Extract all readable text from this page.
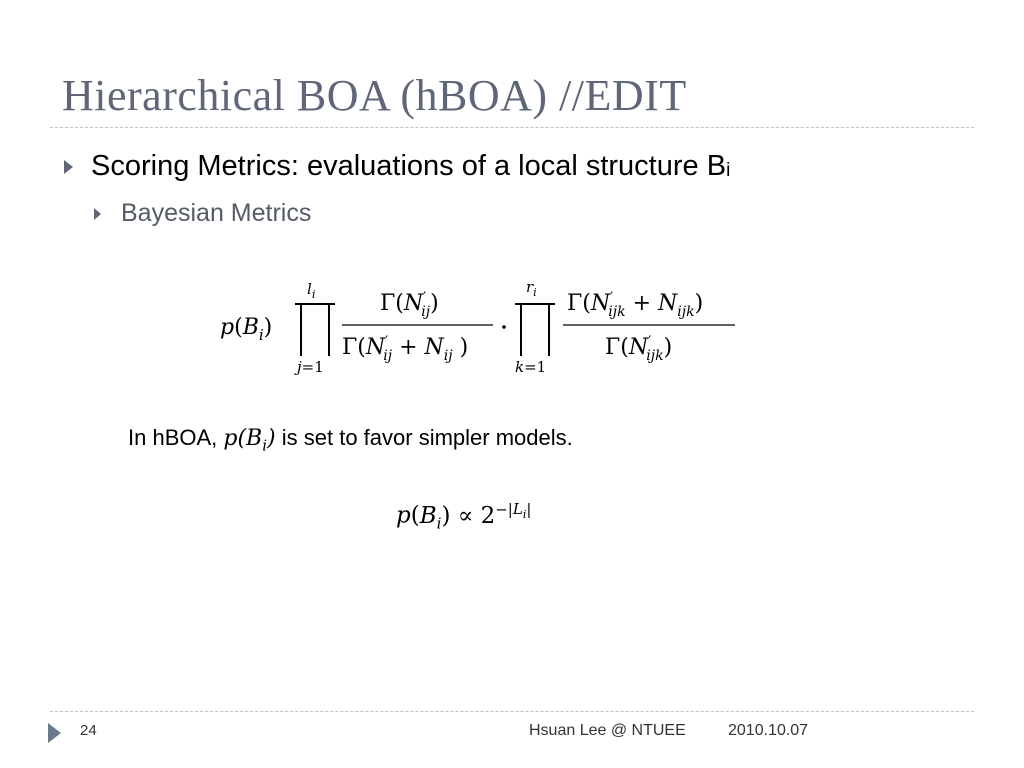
Hierarchical BOA (hBOA) //EDIT
Scoring Metrics: evaluations of a local structure B i
Bayesian Metrics
$p(B_i)$
$l_i$
j=1
Γ(N′ ij)
Γ(N′ ij + $N_{ij}$ )
$r_i$
k=1
Γ(N′ ijk + $N_{ijk}$)
Γ(N′ ijk)
In hBOA, $p(B_i)$ is set to favor simpler models.
$p(B_i) \propto 2^{-|L_i|}$
24	Hsuan Lee @ NTUEE	2010.10.07
